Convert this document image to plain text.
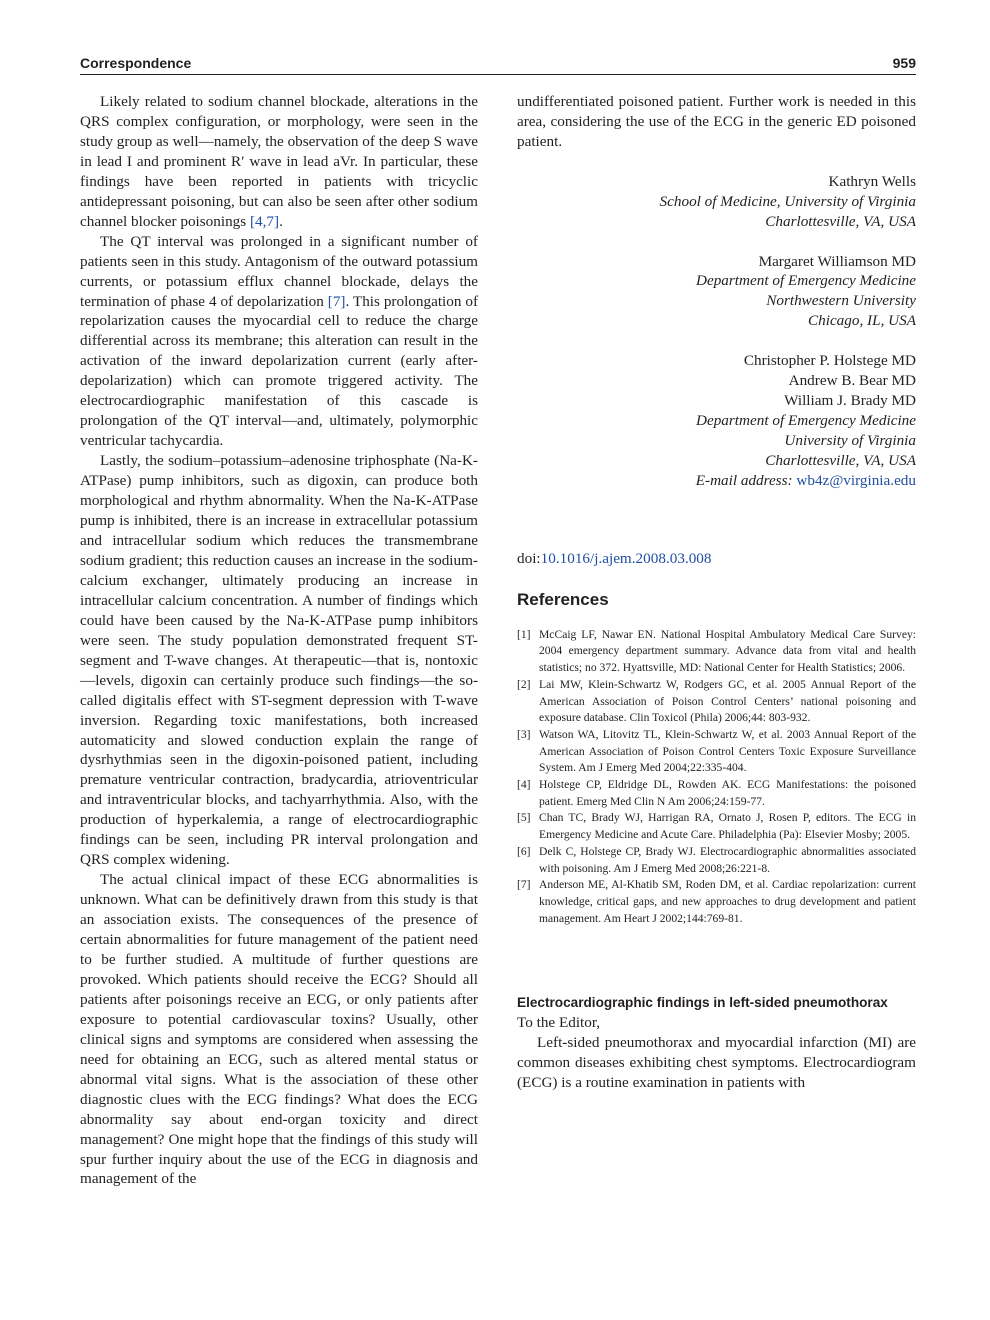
Correspondence	959

Likely related to sodium channel blockade, alterations in the QRS complex configuration, or morphology, were seen in the study group as well—namely, the observation of the deep S wave in lead I and prominent R′ wave in lead aVr. In particular, these findings have been reported in patients with tricyclic antidepressant poisoning, but can also be seen after other sodium channel blocker poisonings [4,7].

The QT interval was prolonged in a significant number of patients seen in this study. Antagonism of the outward potassium currents, or potassium efflux channel blockade, delays the termination of phase 4 of depolarization [7]. This prolongation of repolarization causes the myocardial cell to reduce the charge differential across its membrane; this alteration can result in the activation of the inward depolarization current (early after-depolarization) which can promote triggered activity. The electrocardiographic manifestation of this cascade is prolongation of the QT interval—and, ultimately, polymorphic ventricular tachycardia.

Lastly, the sodium–potassium–adenosine triphosphate (Na-K-ATPase) pump inhibitors, such as digoxin, can produce both morphological and rhythm abnormality. When the Na-K-ATPase pump is inhibited, there is an increase in extracellular potassium and intracellular sodium which reduces the transmembrane sodium gradient; this reduction causes an increase in the sodium-calcium exchanger, ultimately producing an increase in intracellular calcium concentration. A number of findings which could have been caused by the Na-K-ATPase pump inhibitors were seen. The study population demonstrated frequent ST-segment and T-wave changes. At therapeutic—that is, nontoxic—levels, digoxin can certainly produce such findings—the so-called digitalis effect with ST-segment depression with T-wave inversion. Regarding toxic manifestations, both increased automaticity and slowed conduction explain the range of dysrhythmias seen in the digoxin-poisoned patient, including premature ventricular contraction, bradycardia, atrioventricular and intraventricular blocks, and tachyarrhythmia. Also, with the production of hyperkalemia, a range of electrocardiographic findings can be seen, including PR interval prolongation and QRS complex widening.

The actual clinical impact of these ECG abnormalities is unknown. What can be definitively drawn from this study is that an association exists. The consequences of the presence of certain abnormalities for future management of the patient need to be further studied. A multitude of further questions are provoked. Which patients should receive the ECG? Should all patients after poisonings receive an ECG, or only patients after exposure to potential cardiovascular toxins? Usually, other clinical signs and symptoms are considered when assessing the need for obtaining an ECG, such as altered mental status or abnormal vital signs. What is the association of these other diagnostic clues with the ECG findings? What does the ECG abnormality say about end-organ toxicity and direct management? One might hope that the findings of this study will spur further inquiry about the use of the ECG in diagnosis and management of the

undifferentiated poisoned patient. Further work is needed in this area, considering the use of the ECG in the generic ED poisoned patient.

Kathryn Wells
School of Medicine, University of Virginia
Charlottesville, VA, USA
Margaret Williamson MD
Department of Emergency Medicine
Northwestern University
Chicago, IL, USA
Christopher P. Holstege MD
Andrew B. Bear MD
William J. Brady MD
Department of Emergency Medicine
University of Virginia
Charlottesville, VA, USA
E-mail address: wb4z@virginia.edu
doi:10.1016/j.ajem.2008.03.008
References
[1] McCaig LF, Nawar EN. National Hospital Ambulatory Medical Care Survey: 2004 emergency department summary. Advance data from vital and health statistics; no 372. Hyattsville, MD: National Center for Health Statistics; 2006.
[2] Lai MW, Klein-Schwartz W, Rodgers GC, et al. 2005 Annual Report of the American Association of Poison Control Centers’ national poisoning and exposure database. Clin Toxicol (Phila) 2006;44: 803-932.
[3] Watson WA, Litovitz TL, Klein-Schwartz W, et al. 2003 Annual Report of the American Association of Poison Control Centers Toxic Exposure Surveillance System. Am J Emerg Med 2004;22:335-404.
[4] Holstege CP, Eldridge DL, Rowden AK. ECG Manifestations: the poisoned patient. Emerg Med Clin N Am 2006;24:159-77.
[5] Chan TC, Brady WJ, Harrigan RA, Ornato J, Rosen P, editors. The ECG in Emergency Medicine and Acute Care. Philadelphia (Pa): Elsevier Mosby; 2005.
[6] Delk C, Holstege CP, Brady WJ. Electrocardiographic abnormalities associated with poisoning. Am J Emerg Med 2008;26:221-8.
[7] Anderson ME, Al-Khatib SM, Roden DM, et al. Cardiac repolarization: current knowledge, critical gaps, and new approaches to drug development and patient management. Am Heart J 2002;144:769-81.
Electrocardiographic findings in left-sided pneumothorax

To the Editor,

Left-sided pneumothorax and myocardial infarction (MI) are common diseases exhibiting chest symptoms. Electrocardiogram (ECG) is a routine examination in patients with
